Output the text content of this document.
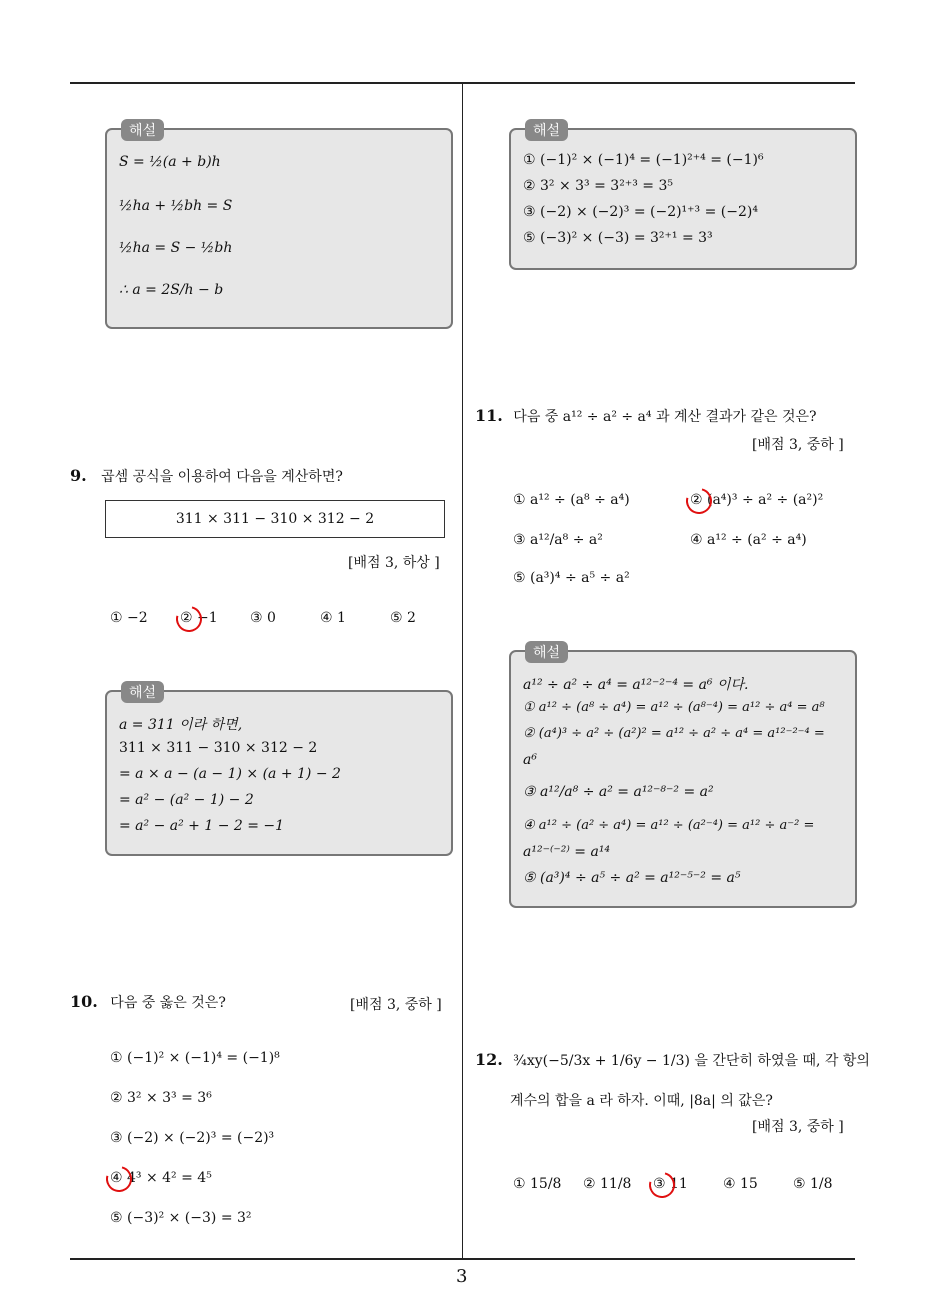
해설
S = ½(a + b)h
½ha + ½bh = S
½ha = S − ½bh
∴ a = 2S/h − b
9. 곱셈 공식을 이용하여 다음을 계산하면?
311 × 311 − 310 × 312 − 2
[배점 3, 하상 ]
① −2 ② −1 ③ 0	④ 1	⑤ 2
해설
a = 311 이라 하면,
311 × 311 − 310 × 312 − 2
= a × a − (a − 1) × (a + 1) − 2
= a² − (a² − 1) − 2
= a² − a² + 1 − 2 = −1
10. 다음 중 옳은 것은?	[배점 3, 중하 ]
① (−1)² × (−1)⁴ = (−1)⁸
② 3² × 3³ = 3⁶
③ (−2) × (−2)³ = (−2)³
④ 4³ × 4² = 4⁵
⑤ (−3)² × (−3) = 3²
해설
① (−1)² × (−1)⁴ = (−1)²⁺⁴ = (−1)⁶
② 3² × 3³ = 3²⁺³ = 3⁵
③ (−2) × (−2)³ = (−2)¹⁺³ = (−2)⁴
⑤ (−3)² × (−3) = 3²⁺¹ = 3³
11. 다음 중 a¹² ÷ a² ÷ a⁴ 과 계산 결과가 같은 것은?
[배점 3, 중하 ]
① a¹² ÷ (a⁸ ÷ a⁴)	② (a⁴)³ ÷ a² ÷ (a²)²
③ a¹²/a⁸ ÷ a²	④ a¹² ÷ (a² ÷ a⁴)
⑤ (a³)⁴ ÷ a⁵ ÷ a²
해설
a¹² ÷ a² ÷ a⁴ = a¹²⁻²⁻⁴ = a⁶ 이다.
① a¹² ÷ (a⁸ ÷ a⁴) = a¹² ÷ (a⁸⁻⁴) = a¹² ÷ a⁴ = a⁸
② (a⁴)³ ÷ a² ÷ (a²)² = a¹² ÷ a² ÷ a⁴ = a¹²⁻²⁻⁴ =
a⁶
③ a¹²/a⁸ ÷ a² = a¹²⁻⁸⁻² = a²
④ a¹² ÷ (a² ÷ a⁴) = a¹² ÷ (a²⁻⁴) = a¹² ÷ a⁻² =
a¹²⁻⁽⁻²⁾ = a¹⁴
⑤ (a³)⁴ ÷ a⁵ ÷ a² = a¹²⁻⁵⁻² = a⁵
12. ¾xy(−5/3x + 1/6y − 1/3) 을 간단히 하였을 때, 각 항의
계수의 합을 a 라 하자. 이때, |8a| 의 값은?
[배점 3, 중하 ]
① 15/8 ② 11/8 ③ 11	④ 15	⑤ 1/8
3
